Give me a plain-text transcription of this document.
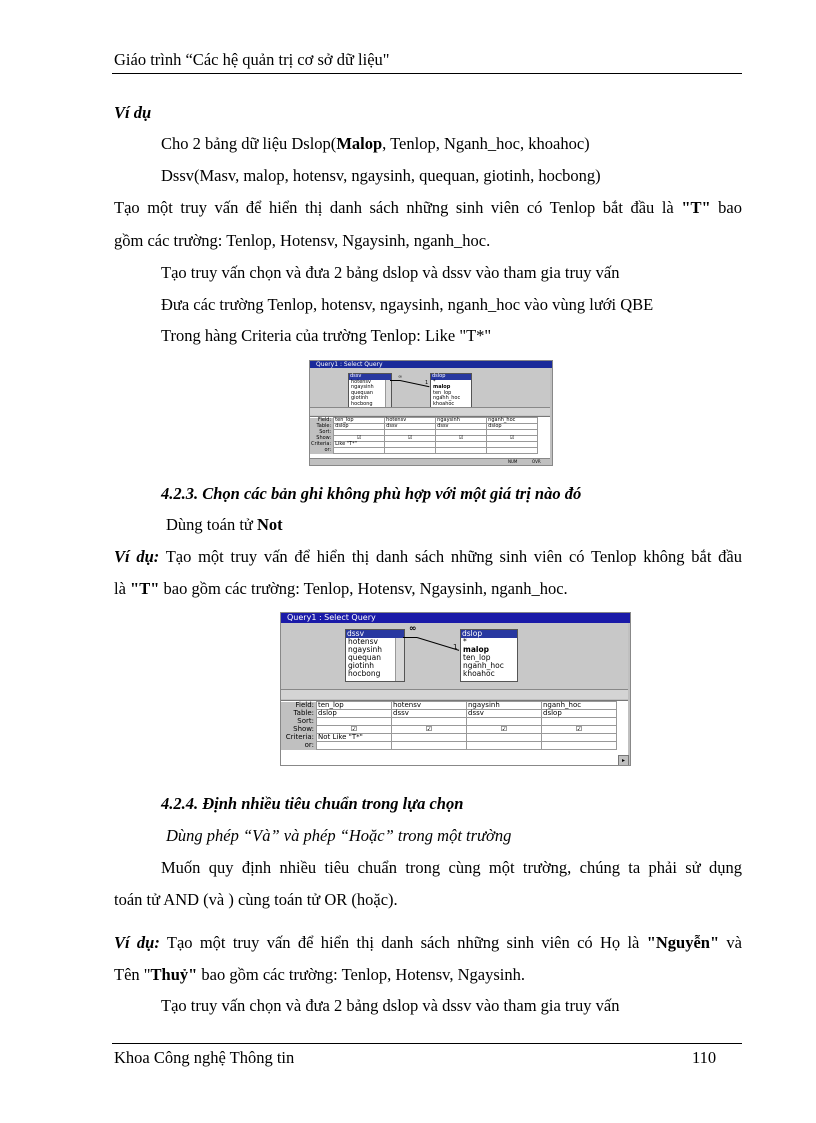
Giáo trình “Các hệ quản trị cơ sở dữ liệu"
Ví dụ
Cho 2 bảng dữ liệu Dslop(Malop, Tenlop, Nganh_hoc, khoahoc)
Dssv(Masv, malop, hotensv, ngaysinh, quequan, giotinh, hocbong)
Tạo một truy vấn để hiển thị danh sách những sinh viên có Tenlop bắt đầu là "T" bao
gồm các trường: Tenlop, Hotensv, Ngaysinh, nganh_hoc.
Tạo truy vấn chọn và đưa 2 bảng dslop và dssv vào tham gia truy vấn
Đưa các trường Tenlop, hotensv, ngaysinh, nganh_hoc vào vùng lưới QBE
Trong hàng Criteria của trường Tenlop: Like "T*"
Query1 : Select Query
dssv
hotensv
ngaysinh
quequan
giotinh
hocbong
dslop
*
malop
ten_lop
nganh_hoc
khoahoc
∞
1
Field:	ten_lop	hotensv	ngaysinh	nganh_hoc
Table:	dslop	dssv	dssv	dslop
Sort:				
Show:	☑	☑	☑	☑
Criteria:	Like "T*"			
or:				
NUM	OVR
4.2.3. Chọn các bản ghi không phù hợp với một giá trị nào đó
Dùng toán tử Not
Ví dụ: Tạo một truy vấn để hiển thị danh sách những sinh viên có Tenlop không bắt đầu
là "T" bao gồm các trường: Tenlop, Hotensv, Ngaysinh, nganh_hoc.
Query1 : Select Query
dssv
hotensv
ngaysinh
quequan
giotinh
hocbong
dslop
*
malop
ten_lop
nganh_hoc
khoahoc
∞
1
Field:	ten_lop	hotensv	ngaysinh	nganh_hoc
Table:	dslop	dssv	dssv	dslop
Sort:				
Show:	☑	☑	☑	☑
Criteria:	Not Like "T*"			
or:				
▸
4.2.4. Định nhiều tiêu chuẩn trong lựa chọn
Dùng phép “Và” và phép “Hoặc” trong một trường
Muốn quy định nhiều tiêu chuẩn trong cùng một trường, chúng ta phải sử dụng
toán tử AND (và ) cùng toán tử OR (hoặc).
Ví dụ: Tạo một truy vấn để hiển thị danh sách những sinh viên có Họ là "Nguyễn" và
Tên "Thuỷ" bao gồm các trường: Tenlop, Hotensv, Ngaysinh.
Tạo truy vấn chọn và đưa 2 bảng dslop và dssv vào tham gia truy vấn
Khoa Công nghệ Thông tin	110
